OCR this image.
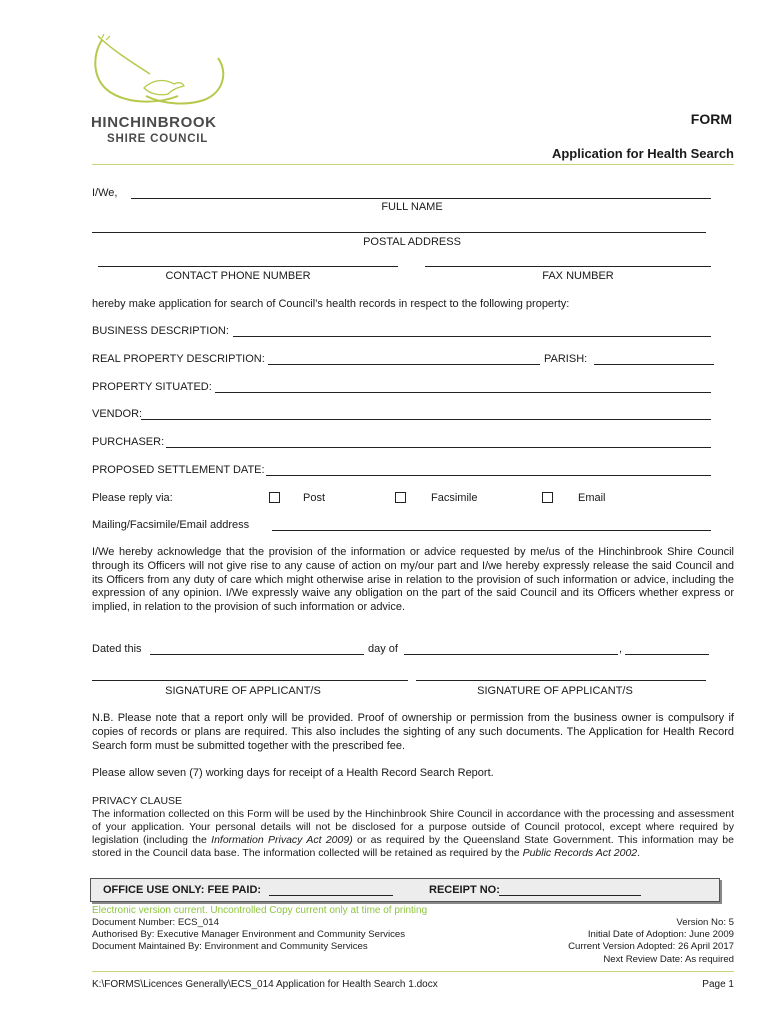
HINCHINBROOK
SHIRE COUNCIL
FORM
Application for Health Search
I/We,
FULL NAME
POSTAL ADDRESS
CONTACT PHONE NUMBER	FAX NUMBER
hereby make application for search of Council’s health records in respect to the following property:
BUSINESS DESCRIPTION:
REAL PROPERTY DESCRIPTION:	PARISH:
PROPERTY SITUATED:
VENDOR:
PURCHASER:
PROPOSED SETTLEMENT DATE:
Please reply via:	Post	Facsimile	Email
Mailing/Facsimile/Email address
I/We hereby acknowledge that the provision of the information or advice requested by me/us of the Hinchinbrook Shire Council through its Officers will not give rise to any cause of action on my/our part and I/we hereby expressly release the said Council and its Officers from any duty of care which might otherwise arise in relation to the provision of such information or advice, including the expression of any opinion. I/We expressly waive any obligation on the part of the said Council and its Officers whether express or implied, in relation to the provision of such information or advice.
Dated this	day of	,
SIGNATURE OF APPLICANT/S	SIGNATURE OF APPLICANT/S
N.B. Please note that a report only will be provided. Proof of ownership or permission from the business owner is compulsory if copies of records or plans are required. This also includes the sighting of any such documents. The Application for Health Record Search form must be submitted together with the prescribed fee.
Please allow seven (7) working days for receipt of a Health Record Search Report.
PRIVACY CLAUSE
The information collected on this Form will be used by the Hinchinbrook Shire Council in accordance with the processing and assessment of your application. Your personal details will not be disclosed for a purpose outside of Council protocol, except where required by legislation (including the Information Privacy Act 2009) or as required by the Queensland State Government. This information may be stored in the Council data base. The information collected will be retained as required by the Public Records Act 2002.
OFFICE USE ONLY: FEE PAID:	RECEIPT NO:
Electronic version current. Uncontrolled Copy current only at time of printing
Document Number: ECS_014
Authorised By: Executive Manager Environment and Community Services
Document Maintained By: Environment and Community Services
Version No: 5
Initial Date of Adoption: June 2009
Current Version Adopted: 26 April 2017
Next Review Date: As required
K:\FORMS\Licences Generally\ECS_014 Application for Health Search 1.docx	Page 1
